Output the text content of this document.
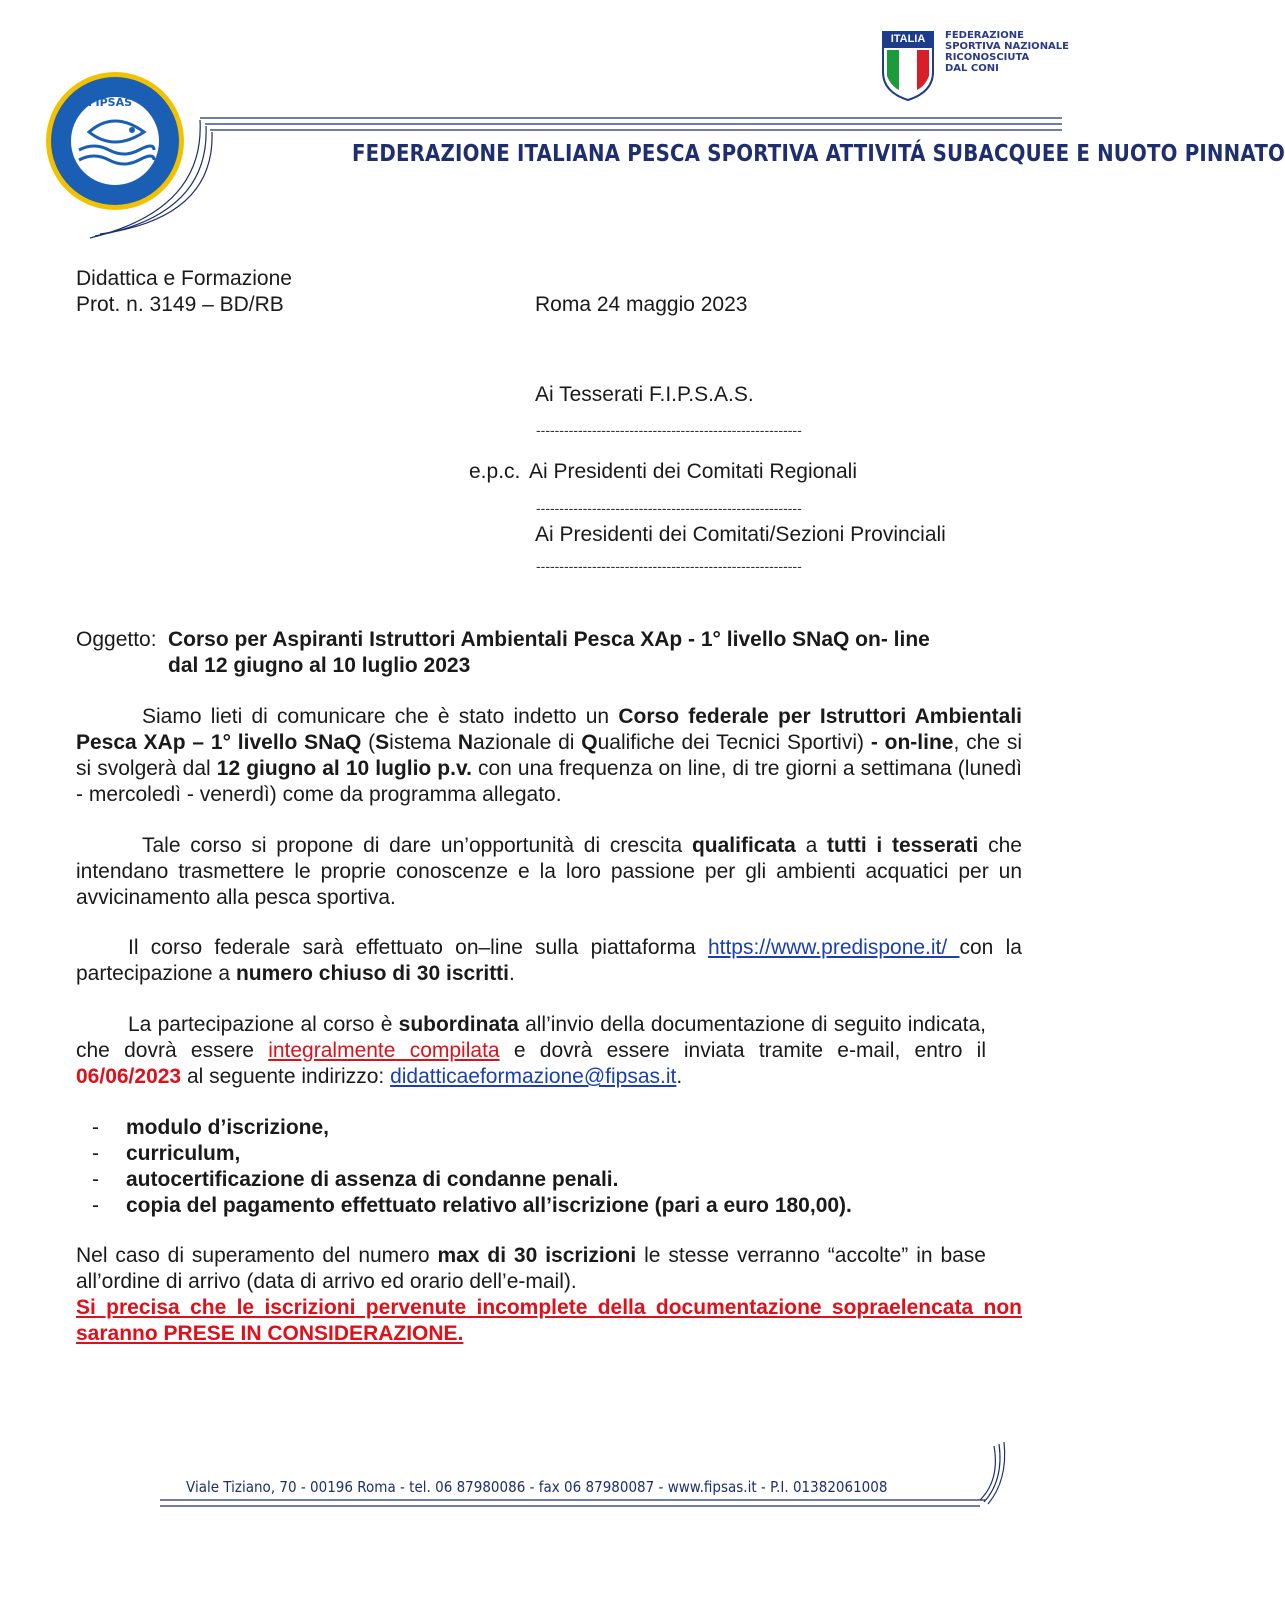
FIPSAS
ITALIA	FEDERAZIONE
SPORTIVA NAZIONALE
RICONOSCIUTA
DAL CONI
FEDERAZIONE ITALIANA PESCA SPORTIVA ATTIVITÁ SUBACQUEE E NUOTO PINNATO
Didattica e Formazione
Prot. n. 3149 – BD/RB	Roma 24 maggio 2023
Ai Tesserati F.I.P.S.A.S.
---------------------------------------------------------
e.p.c. Ai Presidenti dei Comitati Regionali
---------------------------------------------------------
Ai Presidenti dei Comitati/Sezioni Provinciali
---------------------------------------------------------
Oggetto: Corso per Aspiranti Istruttori Ambientali Pesca XAp - 1° livello SNaQ on- line
dal 12 giugno al 10 luglio 2023
Siamo lieti di comunicare che è stato indetto un Corso federale per Istruttori Ambientali Pesca XAp – 1° livello SNaQ (Sistema Nazionale di Qualifiche dei Tecnici Sportivi) - on-line, che si si svolgerà dal 12 giugno al 10 luglio p.v. con una frequenza on line, di tre giorni a settimana (lunedì - mercoledì - venerdì) come da programma allegato.
Tale corso si propone di dare un’opportunità di crescita qualificata a tutti i tesserati che intendano trasmettere le proprie conoscenze e la loro passione per gli ambienti acquatici per un avvicinamento alla pesca sportiva.
Il corso federale sarà effettuato on–line sulla piattaforma https://www.predispone.it/ con la partecipazione a numero chiuso di 30 iscritti.
La partecipazione al corso è subordinata all’invio della documentazione di seguito indicata, che dovrà essere integralmente compilata e dovrà essere inviata tramite e-mail, entro il 06/06/2023 al seguente indirizzo: didatticaeformazione@fipsas.it.
- modulo d’iscrizione,
- curriculum,
- autocertificazione di assenza di condanne penali.
- copia del pagamento effettuato relativo all’iscrizione (pari a euro 180,00).
Nel caso di superamento del numero max di 30 iscrizioni le stesse verranno “accolte” in base all’ordine di arrivo (data di arrivo ed orario dell’e-mail).
Si precisa che le iscrizioni pervenute incomplete della documentazione sopraelencata non saranno PRESE IN CONSIDERAZIONE.
Viale Tiziano, 70 - 00196 Roma - tel. 06 87980086 - fax 06 87980087 - www.fipsas.it - P.I. 01382061008
